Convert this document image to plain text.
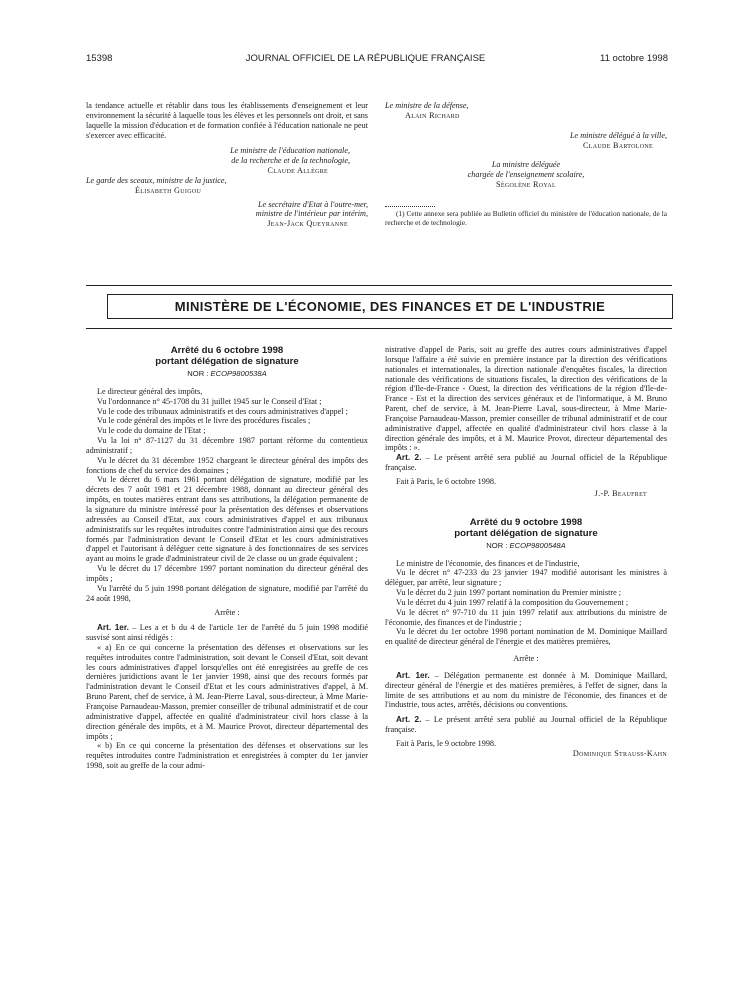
15398	JOURNAL OFFICIEL DE LA RÉPUBLIQUE FRANÇAISE	11 octobre 1998

la tendance actuelle et rétablir dans tous les établissements d'enseignement et leur environnement la sécurité à laquelle tous les élèves et les personnels ont droit, et sans laquelle la mission d'éducation et de formation confiée à l'éducation nationale ne peut s'exercer avec efficacité.

Le ministre de l'éducation nationale,

de la recherche et de la technologie,

Claude Allègre

Le garde des sceaux, ministre de la justice,

Élisabeth Guigou

Le secrétaire d'Etat à l'outre-mer,

ministre de l'intérieur par intérim,

Jean-Jack Queyranne

Le ministre de la défense,

Alain Richard

Le ministre délégué à la ville,

Claude Bartolone

La ministre déléguée

chargée de l'enseignement scolaire,

Ségolène Royal

(1) Cette annexe sera publiée au Bulletin officiel du ministère de l'éducation nationale, de la recherche et de technologie.

MINISTÈRE DE L'ÉCONOMIE, DES FINANCES ET DE L'INDUSTRIE

Arrêté du 6 octobre 1998

portant délégation de signature

NOR : ECOP9800538A

Le directeur général des impôts,

Vu l'ordonnance n° 45-1708 du 31 juillet 1945 sur le Conseil d'Etat ;

Vu le code des tribunaux administratifs et des cours administratives d'appel ;

Vu le code général des impôts et le livre des procédures fiscales ;

Vu le code du domaine de l'Etat ;

Vu la loi n° 87-1127 du 31 décembre 1987 portant réforme du contentieux administratif ;

Vu le décret du 31 décembre 1952 chargeant le directeur général des impôts des fonctions de chef du service des domaines ;

Vu le décret du 6 mars 1961 portant délégation de signature, modifié par les décrets des 7 août 1981 et 21 décembre 1988, donnant au directeur général des impôts, en toutes matières entrant dans ses attributions, la délégation permanente de la signature du ministre intéressé pour la présentation des défenses et observations adressées au Conseil d'Etat, aux cours administratives d'appel et aux tribunaux administratifs sur les requêtes introduites contre l'administration ainsi que des recours formés par l'administration devant le Conseil d'Etat et les cours administratives d'appel et l'autorisant à déléguer cette signature à des fonctionnaires de ses services ayant au moins le grade d'administrateur civil de 2e classe ou un grade équivalent ;

Vu le décret du 17 décembre 1997 portant nomination du directeur général des impôts ;

Vu l'arrêté du 5 juin 1998 portant délégation de signature, modifié par l'arrêté du 24 août 1998,

Arrête :

Art. 1er. – Les a et b du 4 de l'article 1er de l'arrêté du 5 juin 1998 modifié susvisé sont ainsi rédigés :

« a) En ce qui concerne la présentation des défenses et observations sur les requêtes introduites contre l'administration, soit devant le Conseil d'Etat, soit devant les cours administratives d'appel lorsqu'elles ont été enregistrées au greffe de ces dernières juridictions avant le 1er janvier 1998, ainsi que des recours formés par l'administration devant le Conseil d'Etat et les cours administratives d'appel, à M. Bruno Parent, chef de service, à M. Jean-Pierre Laval, sous-directeur, à Mme Marie-Françoise Parnaudeau-Masson, premier conseiller de tribunal administratif et de cour administrative d'appel, affectée en qualité d'administrateur civil hors classe à la direction générale des impôts, et à M. Maurice Provot, directeur départemental des impôts ;

« b) En ce qui concerne la présentation des défenses et observations sur les requêtes introduites contre l'administration et enregistrées à compter du 1er janvier 1998, soit au greffe de la cour admi-

nistrative d'appel de Paris, soit au greffe des autres cours administratives d'appel lorsque l'affaire a été suivie en première instance par la direction des vérifications nationales et internationales, la direction nationale d'enquêtes fiscales, la direction nationale des vérifications de situations fiscales, la direction des vérifications de la région d'Ile-de-France - Ouest, la direction des vérifications de la région d'Ile-de-France - Est et la direction des services généraux et de l'informatique, à M. Bruno Parent, chef de service, à M. Jean-Pierre Laval, sous-directeur, à Mme Marie-Françoise Parnaudeau-Masson, premier conseiller de tribunal administratif et de cour administrative d'appel, affectée en qualité d'administrateur civil hors classe à la direction générale des impôts, et à M. Maurice Provot, directeur départemental des impôts : ».

Art. 2. – Le présent arrêté sera publié au Journal officiel de la République française.

Fait à Paris, le 6 octobre 1998.

J.-P. Beaufret

Arrêté du 9 octobre 1998

portant délégation de signature

NOR : ECOP9800548A

Le ministre de l'économie, des finances et de l'industrie,

Vu le décret n° 47-233 du 23 janvier 1947 modifié autorisant les ministres à déléguer, par arrêté, leur signature ;

Vu le décret du 2 juin 1997 portant nomination du Premier ministre ;

Vu le décret du 4 juin 1997 relatif à la composition du Gouvernement ;

Vu le décret n° 97-710 du 11 juin 1997 relatif aux attributions du ministre de l'économie, des finances et de l'industrie ;

Vu le décret du 1er octobre 1998 portant nomination de M. Dominique Maillard en qualité de directeur général de l'énergie et des matières premières,

Arrête :

Art. 1er. – Délégation permanente est donnée à M. Dominique Maillard, directeur général de l'énergie et des matières premières, à l'effet de signer, dans la limite de ses attributions et au nom du ministre de l'économie, des finances et de l'industrie, tous actes, arrêtés, décisions ou conventions.

Art. 2. – Le présent arrêté sera publié au Journal officiel de la République française.

Fait à Paris, le 9 octobre 1998.

Dominique Strauss-Kahn
